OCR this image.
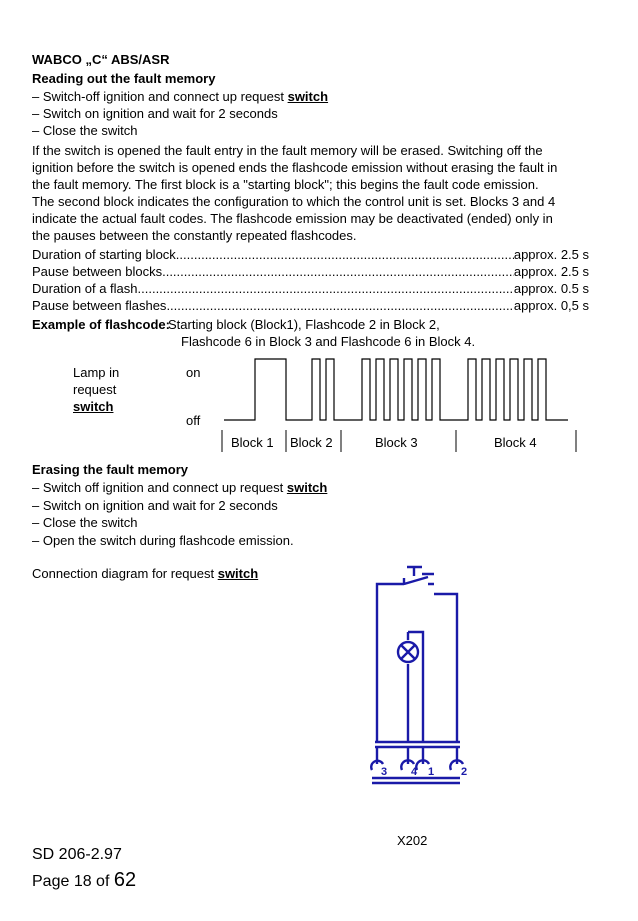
WABCO „C“ ABS/ASR
Reading out the fault memory
– Switch-off ignition and connect up request switch
– Switch on ignition and wait for 2 seconds
– Close the switch
If the switch is opened the fault entry in the fault memory will be erased. Switching off the
ignition before the switch is opened ends the flashcode emission without erasing the fault in
the fault memory. The first block is a "starting block"; this begins the fault code emission.
The second block indicates the configuration to which the control unit is set. Blocks 3 and 4
indicate the actual fault codes. The flashcode emission may be deactivated (ended) only in
the pauses between the constantly repeated flashcodes.
Duration of starting block .....	approx. 2.5 s
Pause between blocks .....	approx. 2.5 s
Duration of a flash .....	approx. 0.5 s
Pause between flashes .....	approx. 0,5 s
Example of flashcode:
Starting block (Block1), Flashcode 2 in Block 2,
Flashcode 6 in Block 3 and Flashcode 6 in Block 4.
Lamp in
request
switch
on
off
Block 1 Block 2	Block 3	Block 4
Erasing the fault memory
– Switch off ignition and connect up request switch
– Switch on ignition and wait for 2 seconds
– Close the switch
– Open the switch during flashcode emission.
Connection diagram for request switch
3 4 1 2
X202
SD 206-2.97
Page 18 of 62
